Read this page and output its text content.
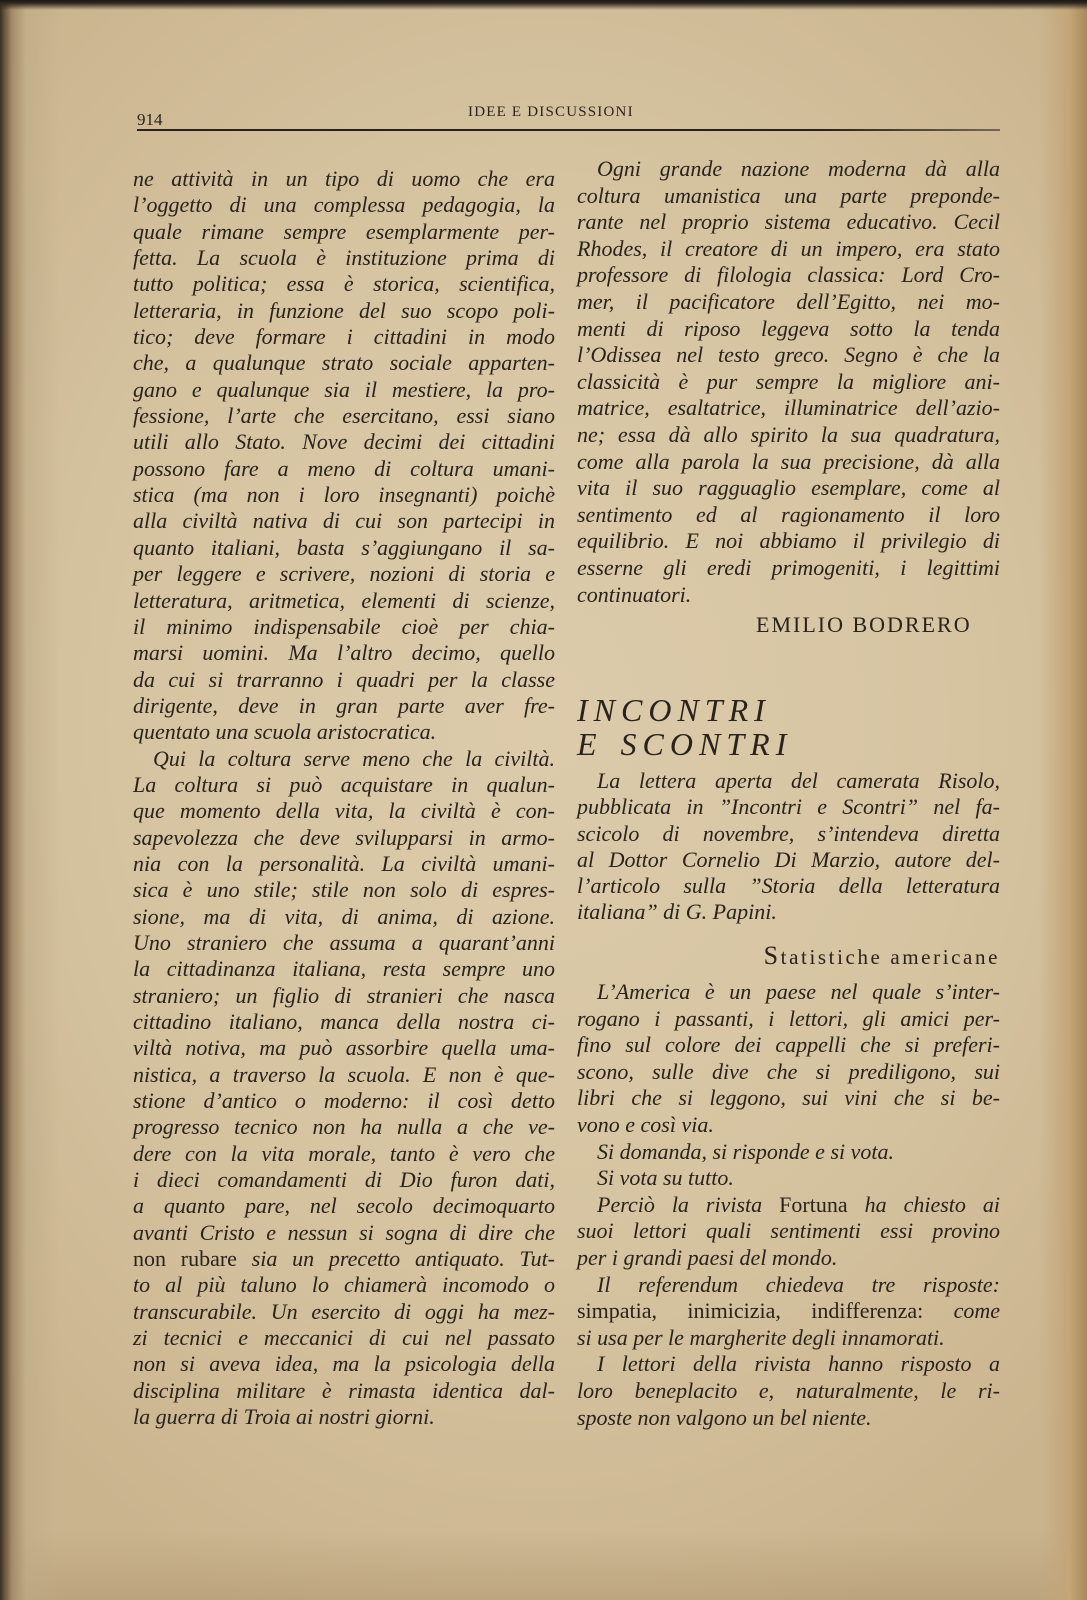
914	IDEE E DISCUSSIONI
ne attività in un tipo di uomo che era
l’oggetto di una complessa pedagogia, la
quale rimane sempre esemplarmente per-
fetta. La scuola è instituzione prima di
tutto politica; essa è storica, scientifica,
letteraria, in funzione del suo scopo poli-
tico; deve formare i cittadini in modo
che, a qualunque strato sociale apparten-
gano e qualunque sia il mestiere, la pro-
fessione, l’arte che esercitano, essi siano
utili allo Stato. Nove decimi dei cittadini
possono fare a meno di coltura umani-
stica (ma non i loro insegnanti) poichè
alla civiltà nativa di cui son partecipi in
quanto italiani, basta s’aggiungano il sa-
per leggere e scrivere, nozioni di storia e
letteratura, aritmetica, elementi di scienze,
il minimo indispensabile cioè per chia-
marsi uomini. Ma l’altro decimo, quello
da cui si trarranno i quadri per la classe
dirigente, deve in gran parte aver fre-
quentato una scuola aristocratica.
Qui la coltura serve meno che la civiltà.
La coltura si può acquistare in qualun-
que momento della vita, la civiltà è con-
sapevolezza che deve svilupparsi in armo-
nia con la personalità. La civiltà umani-
sica è uno stile; stile non solo di espres-
sione, ma di vita, di anima, di azione.
Uno straniero che assuma a quarant’anni
la cittadinanza italiana, resta sempre uno
straniero; un figlio di stranieri che nasca
cittadino italiano, manca della nostra ci-
viltà notiva, ma può assorbire quella uma-
nistica, a traverso la scuola. E non è que-
stione d’antico o moderno: il così detto
progresso tecnico non ha nulla a che ve-
dere con la vita morale, tanto è vero che
i dieci comandamenti di Dio furon dati,
a quanto pare, nel secolo decimoquarto
avanti Cristo e nessun si sogna di dire che
non rubare sia un precetto antiquato. Tut-
to al più taluno lo chiamerà incomodo o
transcurabile. Un esercito di oggi ha mez-
zi tecnici e meccanici di cui nel passato
non si aveva idea, ma la psicologia della
disciplina militare è rimasta identica dal-
la guerra di Troia ai nostri giorni.
Ogni grande nazione moderna dà alla
coltura umanistica una parte preponde-
rante nel proprio sistema educativo. Cecil
Rhodes, il creatore di un impero, era stato
professore di filologia classica: Lord Cro-
mer, il pacificatore dell’Egitto, nei mo-
menti di riposo leggeva sotto la tenda
l’Odissea nel testo greco. Segno è che la
classicità è pur sempre la migliore ani-
matrice, esaltatrice, illuminatrice dell’azio-
ne; essa dà allo spirito la sua quadratura,
come alla parola la sua precisione, dà alla
vita il suo ragguaglio esemplare, come al
sentimento ed al ragionamento il loro
equilibrio. E noi abbiamo il privilegio di
esserne gli eredi primogeniti, i legittimi
continuatori.
EMILIO BODRERO
INCONTRI
E SCONTRI
La lettera aperta del camerata Risolo,
pubblicata in ”Incontri e Scontri” nel fa-
scicolo di novembre, s’intendeva diretta
al Dottor Cornelio Di Marzio, autore del-
l’articolo sulla ”Storia della letteratura
italiana” di G. Papini.
Statistiche americane
L’America è un paese nel quale s’inter-
rogano i passanti, i lettori, gli amici per-
fino sul colore dei cappelli che si preferi-
scono, sulle dive che si prediligono, sui
libri che si leggono, sui vini che si be-
vono e così via.
Si domanda, si risponde e si vota.
Si vota su tutto.
Perciò la rivista Fortuna ha chiesto ai
suoi lettori quali sentimenti essi provino
per i grandi paesi del mondo.
Il referendum chiedeva tre risposte:
simpatia, inimicizia, indifferenza: come
si usa per le margherite degli innamorati.
I lettori della rivista hanno risposto a
loro beneplacito e, naturalmente, le ri-
sposte non valgono un bel niente.
